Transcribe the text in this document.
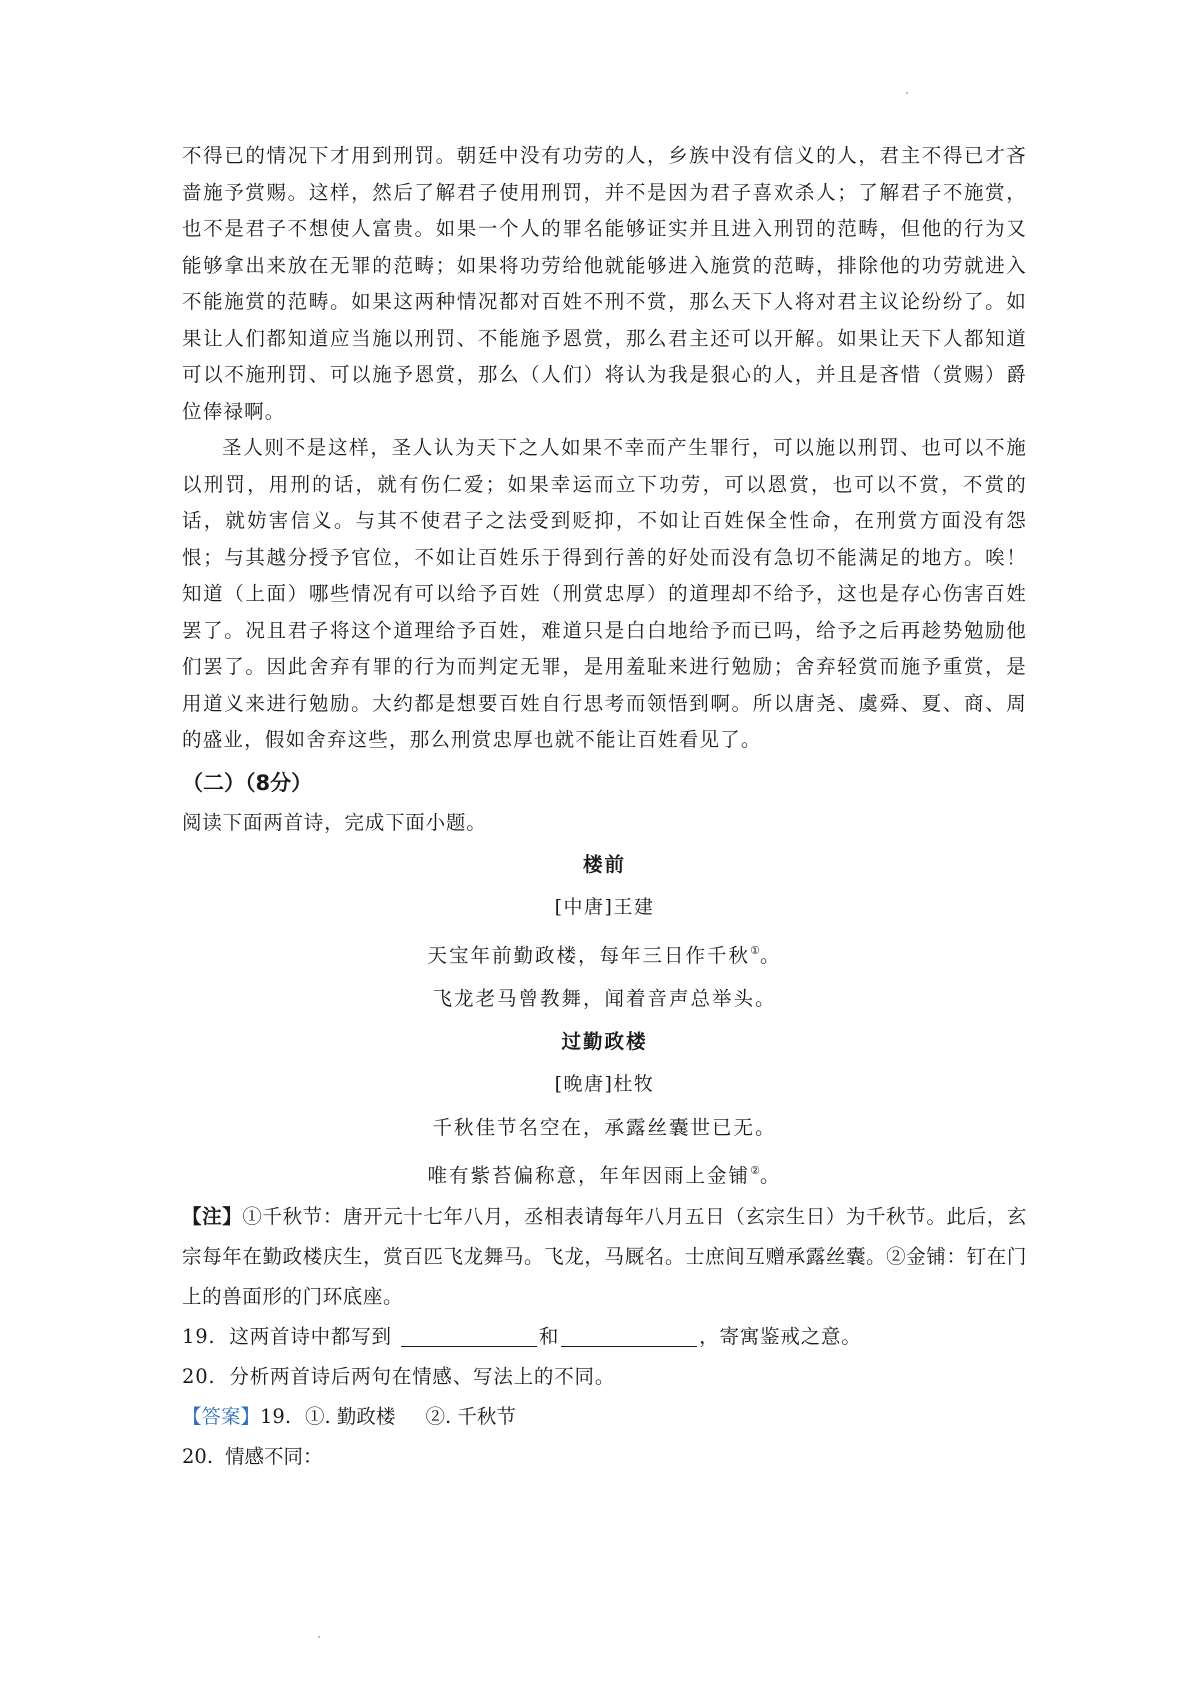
不得已的情况下才用到刑罚。朝廷中没有功劳的人，乡族中没有信义的人，君主不得已才吝啬施予赏赐。这样，然后了解君子使用刑罚，并不是因为君子喜欢杀人；了解君子不施赏，也不是君子不想使人富贵。如果一个人的罪名能够证实并且进入刑罚的范畴，但他的行为又能够拿出来放在无罪的范畴；如果将功劳给他就能够进入施赏的范畴，排除他的功劳就进入不能施赏的范畴。如果这两种情况都对百姓不刑不赏，那么天下人将对君主议论纷纷了。如果让人们都知道应当施以刑罚、不能施予恩赏，那么君主还可以开解。如果让天下人都知道可以不施刑罚、可以施予恩赏，那么（人们）将认为我是狠心的人，并且是吝惜（赏赐）爵位俸禄啊。

圣人则不是这样，圣人认为天下之人如果不幸而产生罪行，可以施以刑罚、也可以不施以刑罚，用刑的话，就有伤仁爱；如果幸运而立下功劳，可以恩赏，也可以不赏，不赏的话，就妨害信义。与其不使君子之法受到贬抑，不如让百姓保全性命，在刑赏方面没有怨恨；与其越分授予官位，不如让百姓乐于得到行善的好处而没有急切不能满足的地方。唉！知道（上面）哪些情况有可以给予百姓（刑赏忠厚）的道理却不给予，这也是存心伤害百姓罢了。况且君子将这个道理给予百姓，难道只是白白地给予而已吗，给予之后再趁势勉励他们罢了。因此舍弃有罪的行为而判定无罪，是用羞耻来进行勉励；舍弃轻赏而施予重赏，是用道义来进行勉励。大约都是想要百姓自行思考而领悟到啊。所以唐尧、虞舜、夏、商、周的盛业，假如舍弃这些，那么刑赏忠厚也就不能让百姓看见了。

（二）（8分）
阅读下面两首诗，完成下面小题。
楼前
[中唐]王建
天宝年前勤政楼，每年三日作千秋①。
飞龙老马曾教舞，闻着音声总举头。
过勤政楼
[晚唐]杜牧
千秋佳节名空在，承露丝囊世已无。
唯有紫苔偏称意，年年因雨上金铺②。
【注】①千秋节：唐开元十七年八月，丞相表请每年八月五日（玄宗生日）为千秋节。此后，玄宗每年在勤政楼庆生，赏百匹飞龙舞马。飞龙，马厩名。士庶间互赠承露丝囊。②金铺：钉在门上的兽面形的门环底座。
19. 这两首诗中都写到	和	，寄寓鉴戒之意。
20. 分析两首诗后两句在情感、写法上的不同。
【答案】19. ①. 勤政楼 ②. 千秋节
20. 情感不同：
